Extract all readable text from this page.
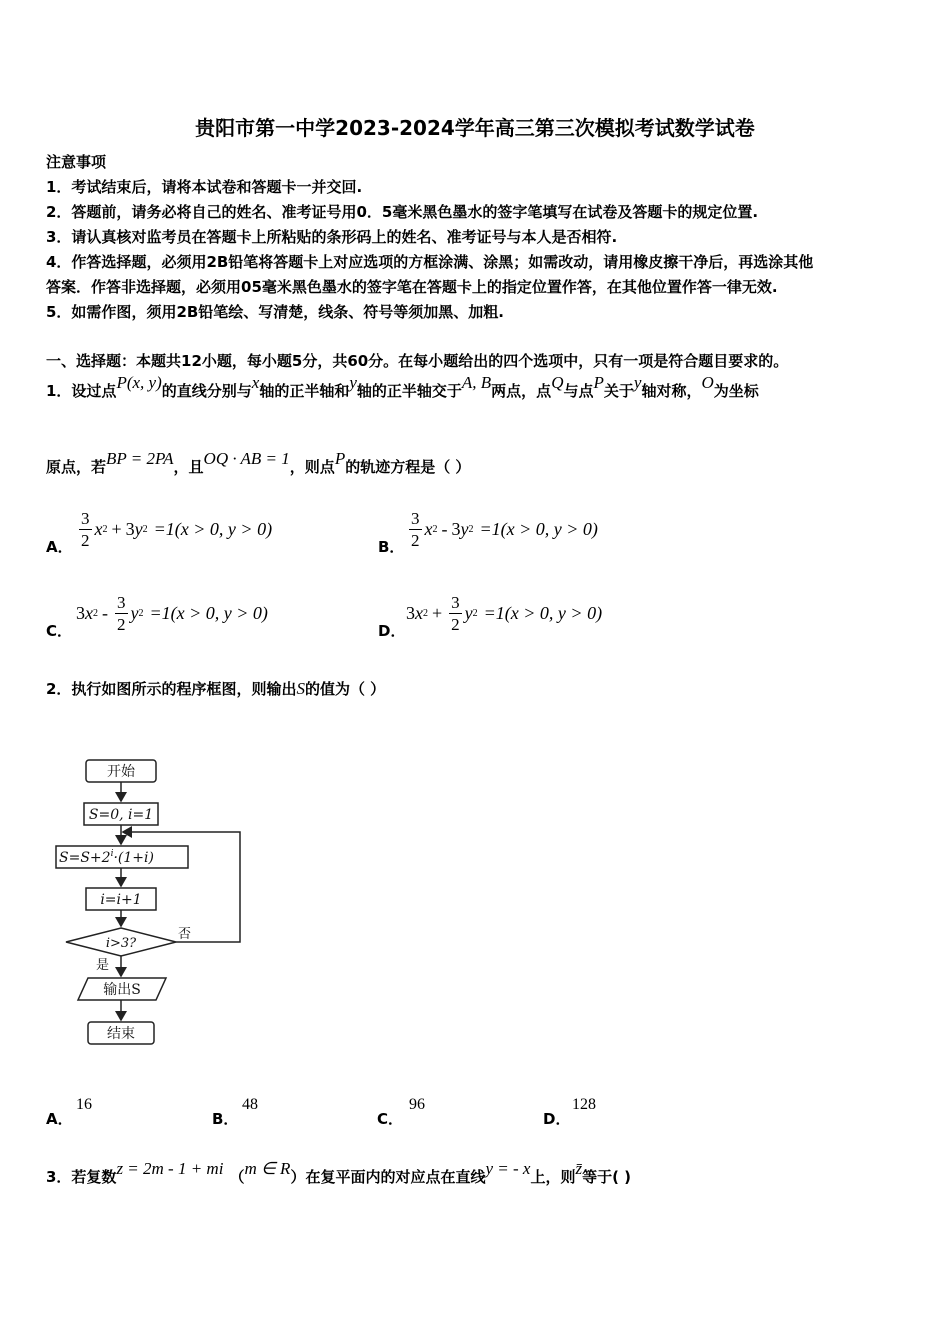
贵阳市第一中学2023-2024学年高三第三次模拟考试数学试卷
注意事项
1．考试结束后，请将本试卷和答题卡一并交回.
2．答题前，请务必将自己的姓名、准考证号用0．5毫米黑色墨水的签字笔填写在试卷及答题卡的规定位置.
3．请认真核对监考员在答题卡上所粘贴的条形码上的姓名、准考证号与本人是否相符.
4．作答选择题，必须用2B铅笔将答题卡上对应选项的方框涂满、涂黑；如需改动，请用橡皮擦干净后，再选涂其他
答案．作答非选择题，必须用05毫米黑色墨水的签字笔在答题卡上的指定位置作答，在其他位置作答一律无效.
5．如需作图，须用2B铅笔绘、写清楚，线条、符号等须加黑、加粗.
一、选择题：本题共12小题，每小题5分，共60分。在每小题给出的四个选项中，只有一项是符合题目要求的。
1．设过点P(x, y)的直线分别与x轴的正半轴和y轴的正半轴交于A, B两点，点Q与点P关于y轴对称，O为坐标
原点，若BP = 2PA，且OQ · AB = 1，则点P的轨迹方程是（ ）
A． $\frac{3}{2}$ x 2 + 3 y 2 =1(x > 0, y > 0)
B． $\frac{3}{2}$ x 2 - 3 y 2 =1(x > 0, y > 0)
C．
3 x $2 - \frac{3}{2}$ y 2 =1(x > 0, y > 0)
D．
3 x $2 + \frac{3}{2}$ y 2 =1(x > 0, y > 0)
2．执行如图所示的程序框图，则输出S的值为（ ）
开始
S=0, i=1
$S=S+2^i\cdot(1+i)$
i=i+1
i>3?
否
是
输出S
结束
A．
16
B．
48
C．
96
D．
128
3．若复数z = 2m - 1 + mi （m ∈ R）在复平面内的对应点在直线y = - x上，则z̄等于( )
